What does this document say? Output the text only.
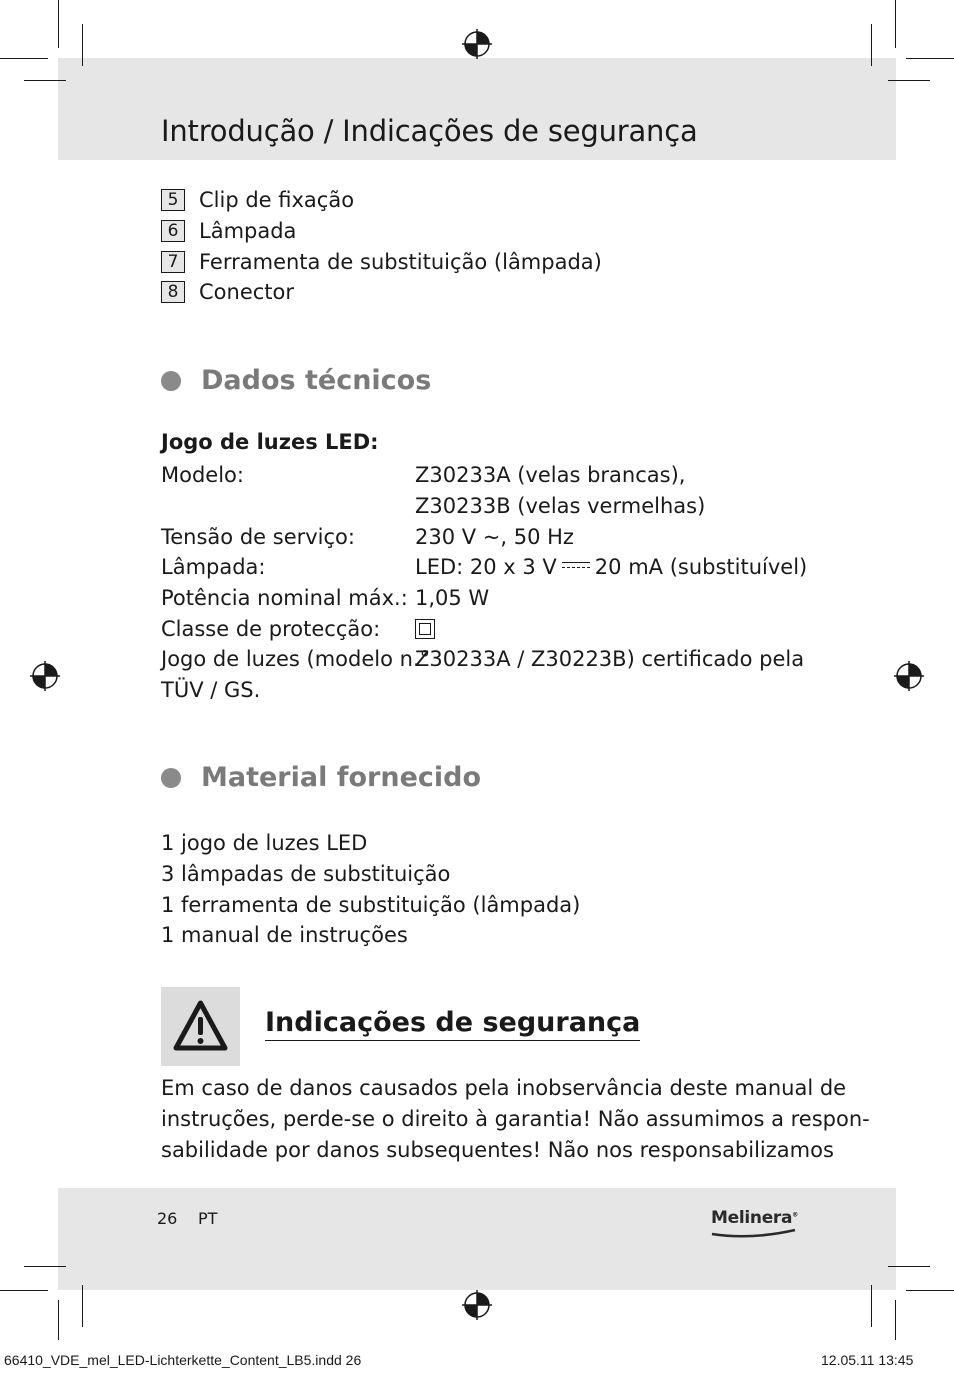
Introdução / Indicações de segurança
5 Clip de fixação
6 Lâmpada
7 Ferramenta de substituição (lâmpada)
8 Conector
Dados técnicos
Jogo de luzes LED:
Modelo:	Z30233A (velas brancas),
Z30233B (velas vermelhas)
Tensão de serviço:	230 V ~, 50 Hz
Lâmpada:	LED: 20 x 3 V 20 mA (substituível)
Potência nominal máx.: 1,05 W
Classe de protecção:
Jogo de luzes (modelo n.°
Z30233A / Z30223B) certificado pela
TÜV / GS.
Material fornecido
1 jogo de luzes LED
3 lâmpadas de substituição
1 ferramenta de substituição (lâmpada)
1 manual de instruções
Indicações de segurança
Em caso de danos causados pela inobservância deste manual de
instruções, perde-se o direito à garantia! Não assumimos a respon-
sabilidade por danos subsequentes! Não nos responsabilizamos
26 PT	Melinera®
66410_VDE_mel_LED-Lichterkette_Content_LB5.indd 26	12.05.11 13:45
